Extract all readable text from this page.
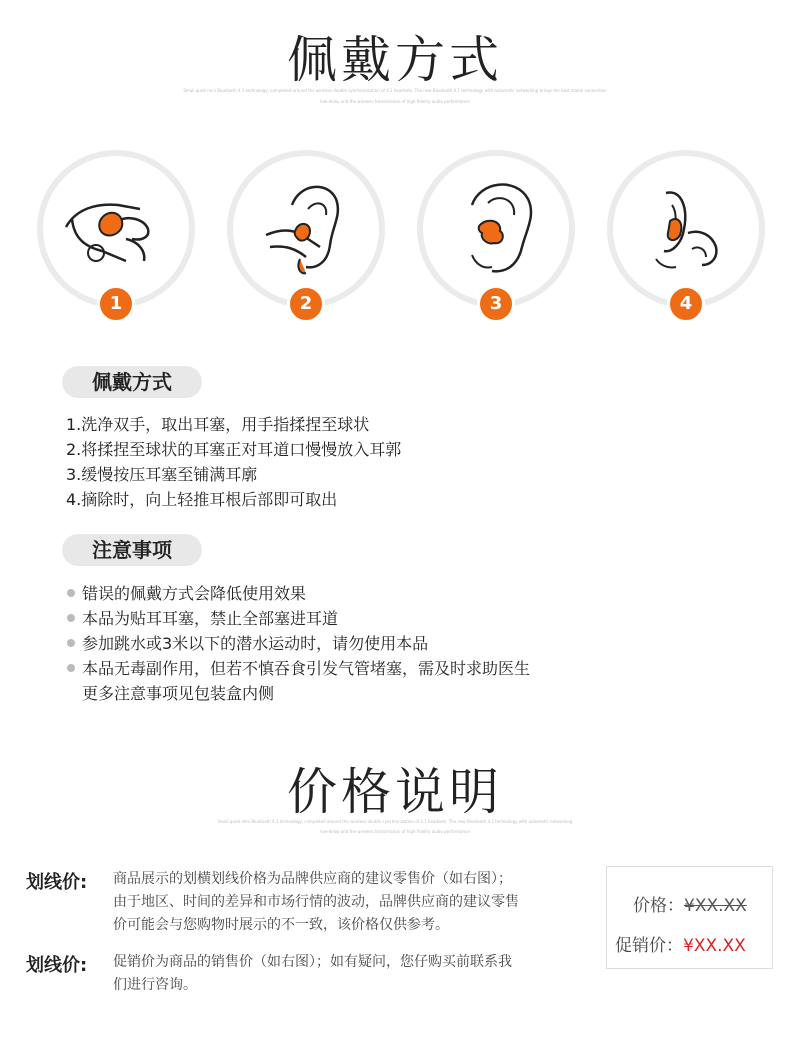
佩戴方式
Small quiet mini Bluetooth 4.1 technology, completed around the wireless double synchronization of 4.1 headsets. The new Bluetooth 4.1 technology with automatic networking brings the best stable connection
low-delay and the wireless transmission of high fidelity audio performance
1	2	3	4
佩戴方式
1.洗净双手，取出耳塞，用手指揉捏至球状
2.将揉捏至球状的耳塞正对耳道口慢慢放入耳郭
3.缓慢按压耳塞至铺满耳廓
4.摘除时，向上轻推耳根后部即可取出
注意事项
错误的佩戴方式会降低使用效果
本品为贴耳耳塞，禁止全部塞进耳道
参加跳水或3米以下的潜水运动时，请勿使用本品
本品无毒副作用，但若不慎吞食引发气管堵塞，需及时求助医生
更多注意事项见包装盒内侧
价格说明
Small quiet mini Bluetooth 4.1 technology, completed around the wireless double synchronization of 4.1 headsets. The new Bluetooth 4.1 technology with automatic networking
low-delay and the wireless transmission of high fidelity audio performance
划线价: 商品展示的划横划线价格为品牌供应商的建议零售价（如右图）；
由于地区、时间的差异和市场行情的波动，品牌供应商的建议零售
价可能会与您购物时展示的不一致，该价格仅供参考。
划线价: 促销价为商品的销售价（如右图）；如有疑问，您仔购买前联系我
们进行咨询。
价格：¥XX.XX
促销价：¥XX.XX
